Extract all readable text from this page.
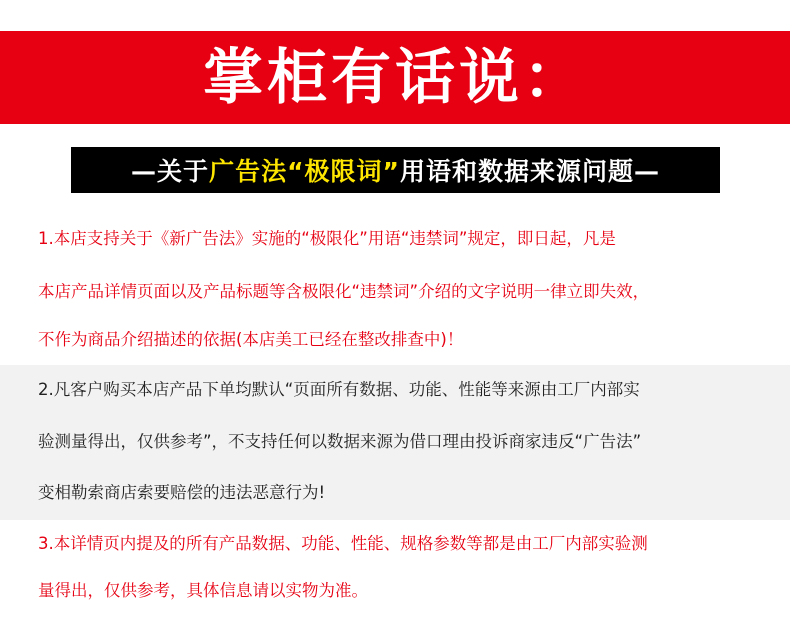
掌柜有话说：
—关于 广告法“极限词” 用语和数据来源问题—
1.本店支持关于《新广告法》实施的“极限化”用语“违禁词”规定，即日起，凡是
本店产品详情页面以及产品标题等含极限化“违禁词”介绍的文字说明一律立即失效，
不作为商品介绍描述的依据(本店美工已经在整改排查中)！
2.凡客户购买本店产品下单均默认“页面所有数据、功能、性能等来源由工厂内部实
验测量得出，仅供参考”，不支持任何以数据来源为借口理由投诉商家违反“广告法”
变相勒索商店索要赔偿的违法恶意行为!
3.本详情页内提及的所有产品数据、功能、性能、规格参数等都是由工厂内部实验测
量得出，仅供参考，具体信息请以实物为准。
